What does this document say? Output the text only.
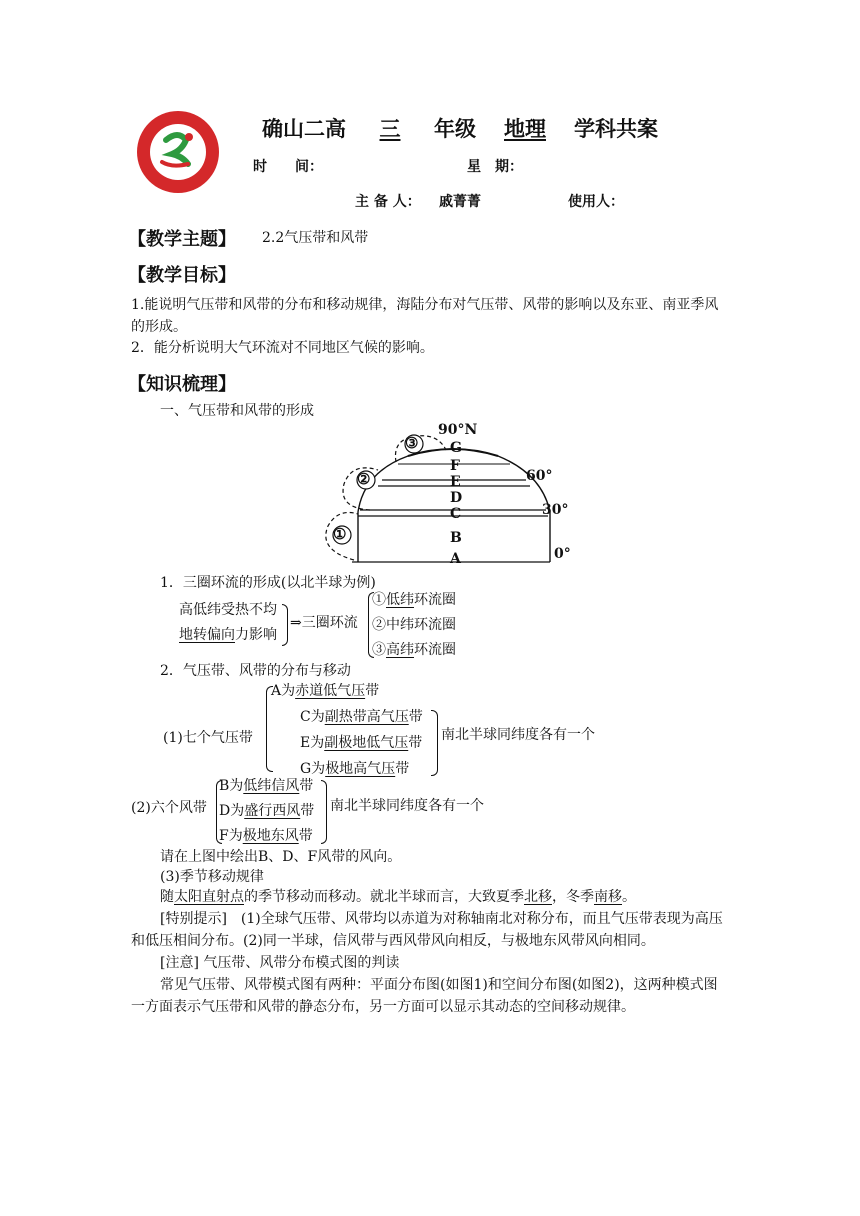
确山二高 三 年级 地理 学科共案
时　　间：	星　期：
主 备 人： 戚菁菁	使用人：
【教学主题】 2.2气压带和风带
【教学目标】
1.能说明气压带和风带的分布和移动规律，海陆分布对气压带、风带的影响以及东亚、南亚季风的形成。
2．能分析说明大气环流对不同地区气候的影响。
【知识梳理】
一、气压带和风带的形成
①
②
③
90°N
60°
30°
0°
G
F
E
D
C
B
A
1．三圈环流的形成(以北半球为例)
高低纬受热不均
地转偏向力影响
⇒三圈环流
①低纬环流圈
②中纬环流圈
③高纬环流圈
2．气压带、风带的分布与移动
(1)七个气压带
A为赤道低气压带
C为副热带高气压带
E为副极地低气压带
G为极地高气压带
南北半球同纬度各有一个
(2)六个风带
B为低纬信风带
D为盛行西风带
F为极地东风带
南北半球同纬度各有一个
请在上图中绘出B、D、F风带的风向。
(3)季节移动规律
随太阳直射点的季节移动而移动。就北半球而言，大致夏季北移，冬季南移。
[特别提示]　(1)全球气压带、风带均以赤道为对称轴南北对称分布，而且气压带表现为高压和低压相间分布。(2)同一半球，信风带与西风带风向相反，与极地东风带风向相同。
[注意] 气压带、风带分布模式图的判读
常见气压带、风带模式图有两种：平面分布图(如图1)和空间分布图(如图2)，这两种模式图一方面表示气压带和风带的静态分布，另一方面可以显示其动态的空间移动规律。
